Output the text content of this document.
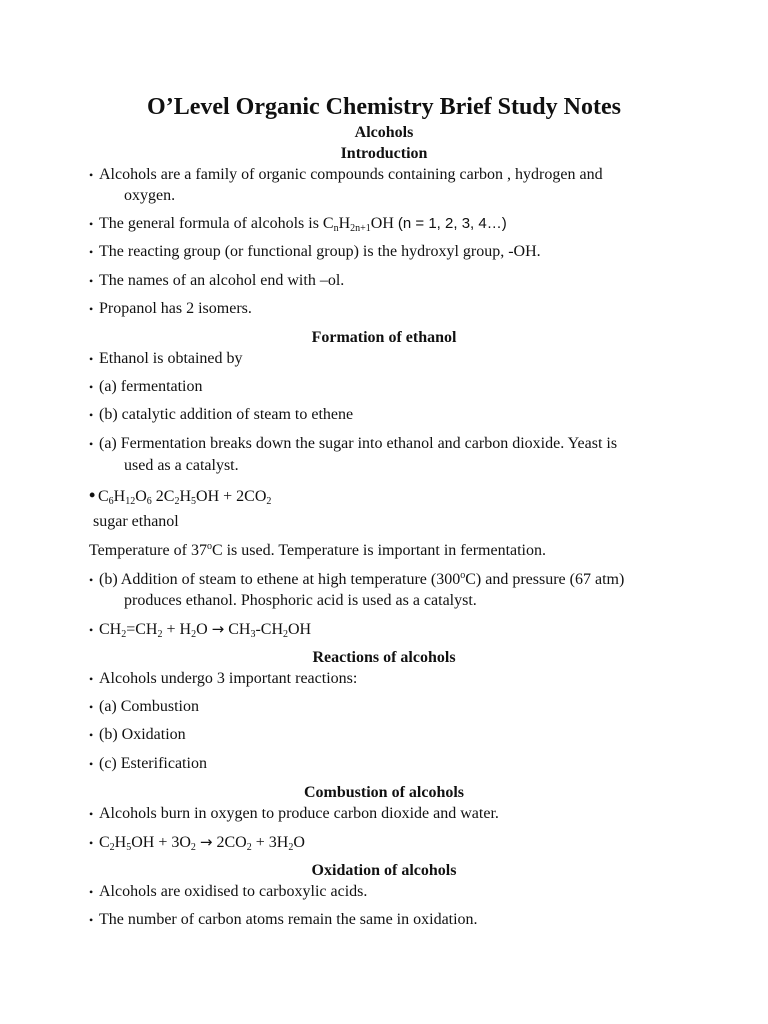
O’Level Organic Chemistry Brief Study Notes
Alcohols
Introduction
• Alcohols are a family of organic compounds containing carbon , hydrogen and
oxygen.
• The general formula of alcohols is $C_nH_{2n+1}OH$ (n = 1, 2, 3, 4…)
• The reacting group (or functional group) is the hydroxyl group, -OH.
• The names of an alcohol end with –ol.
• Propanol has 2 isomers.
Formation of ethanol
• Ethanol is obtained by
• (a) fermentation
• (b) catalytic addition of steam to ethene
• (a) Fermentation breaks down the sugar into ethanol and carbon dioxide. Yeast is
used as a catalyst.
• $C_6H_{12}O_6$ $2C_2H_5OH + 2CO_2$
sugar ethanol
Temperature of 37$^o$C is used. Temperature is important in fermentation.
• (b) Addition of steam to ethene at high temperature (300$^o$C) and pressure (67 atm)
produces ethanol. Phosphoric acid is used as a catalyst.
• $CH_2=CH_2 + H_2O \to CH_3-CH_2OH$
Reactions of alcohols
• Alcohols undergo 3 important reactions:
• (a) Combustion
• (b) Oxidation
• (c) Esterification
Combustion of alcohols
• Alcohols burn in oxygen to produce carbon dioxide and water.
• $C_2H_5OH + 3O_2 \to 2CO_2 + 3H_2O$
Oxidation of alcohols
• Alcohols are oxidised to carboxylic acids.
• The number of carbon atoms remain the same in oxidation.
